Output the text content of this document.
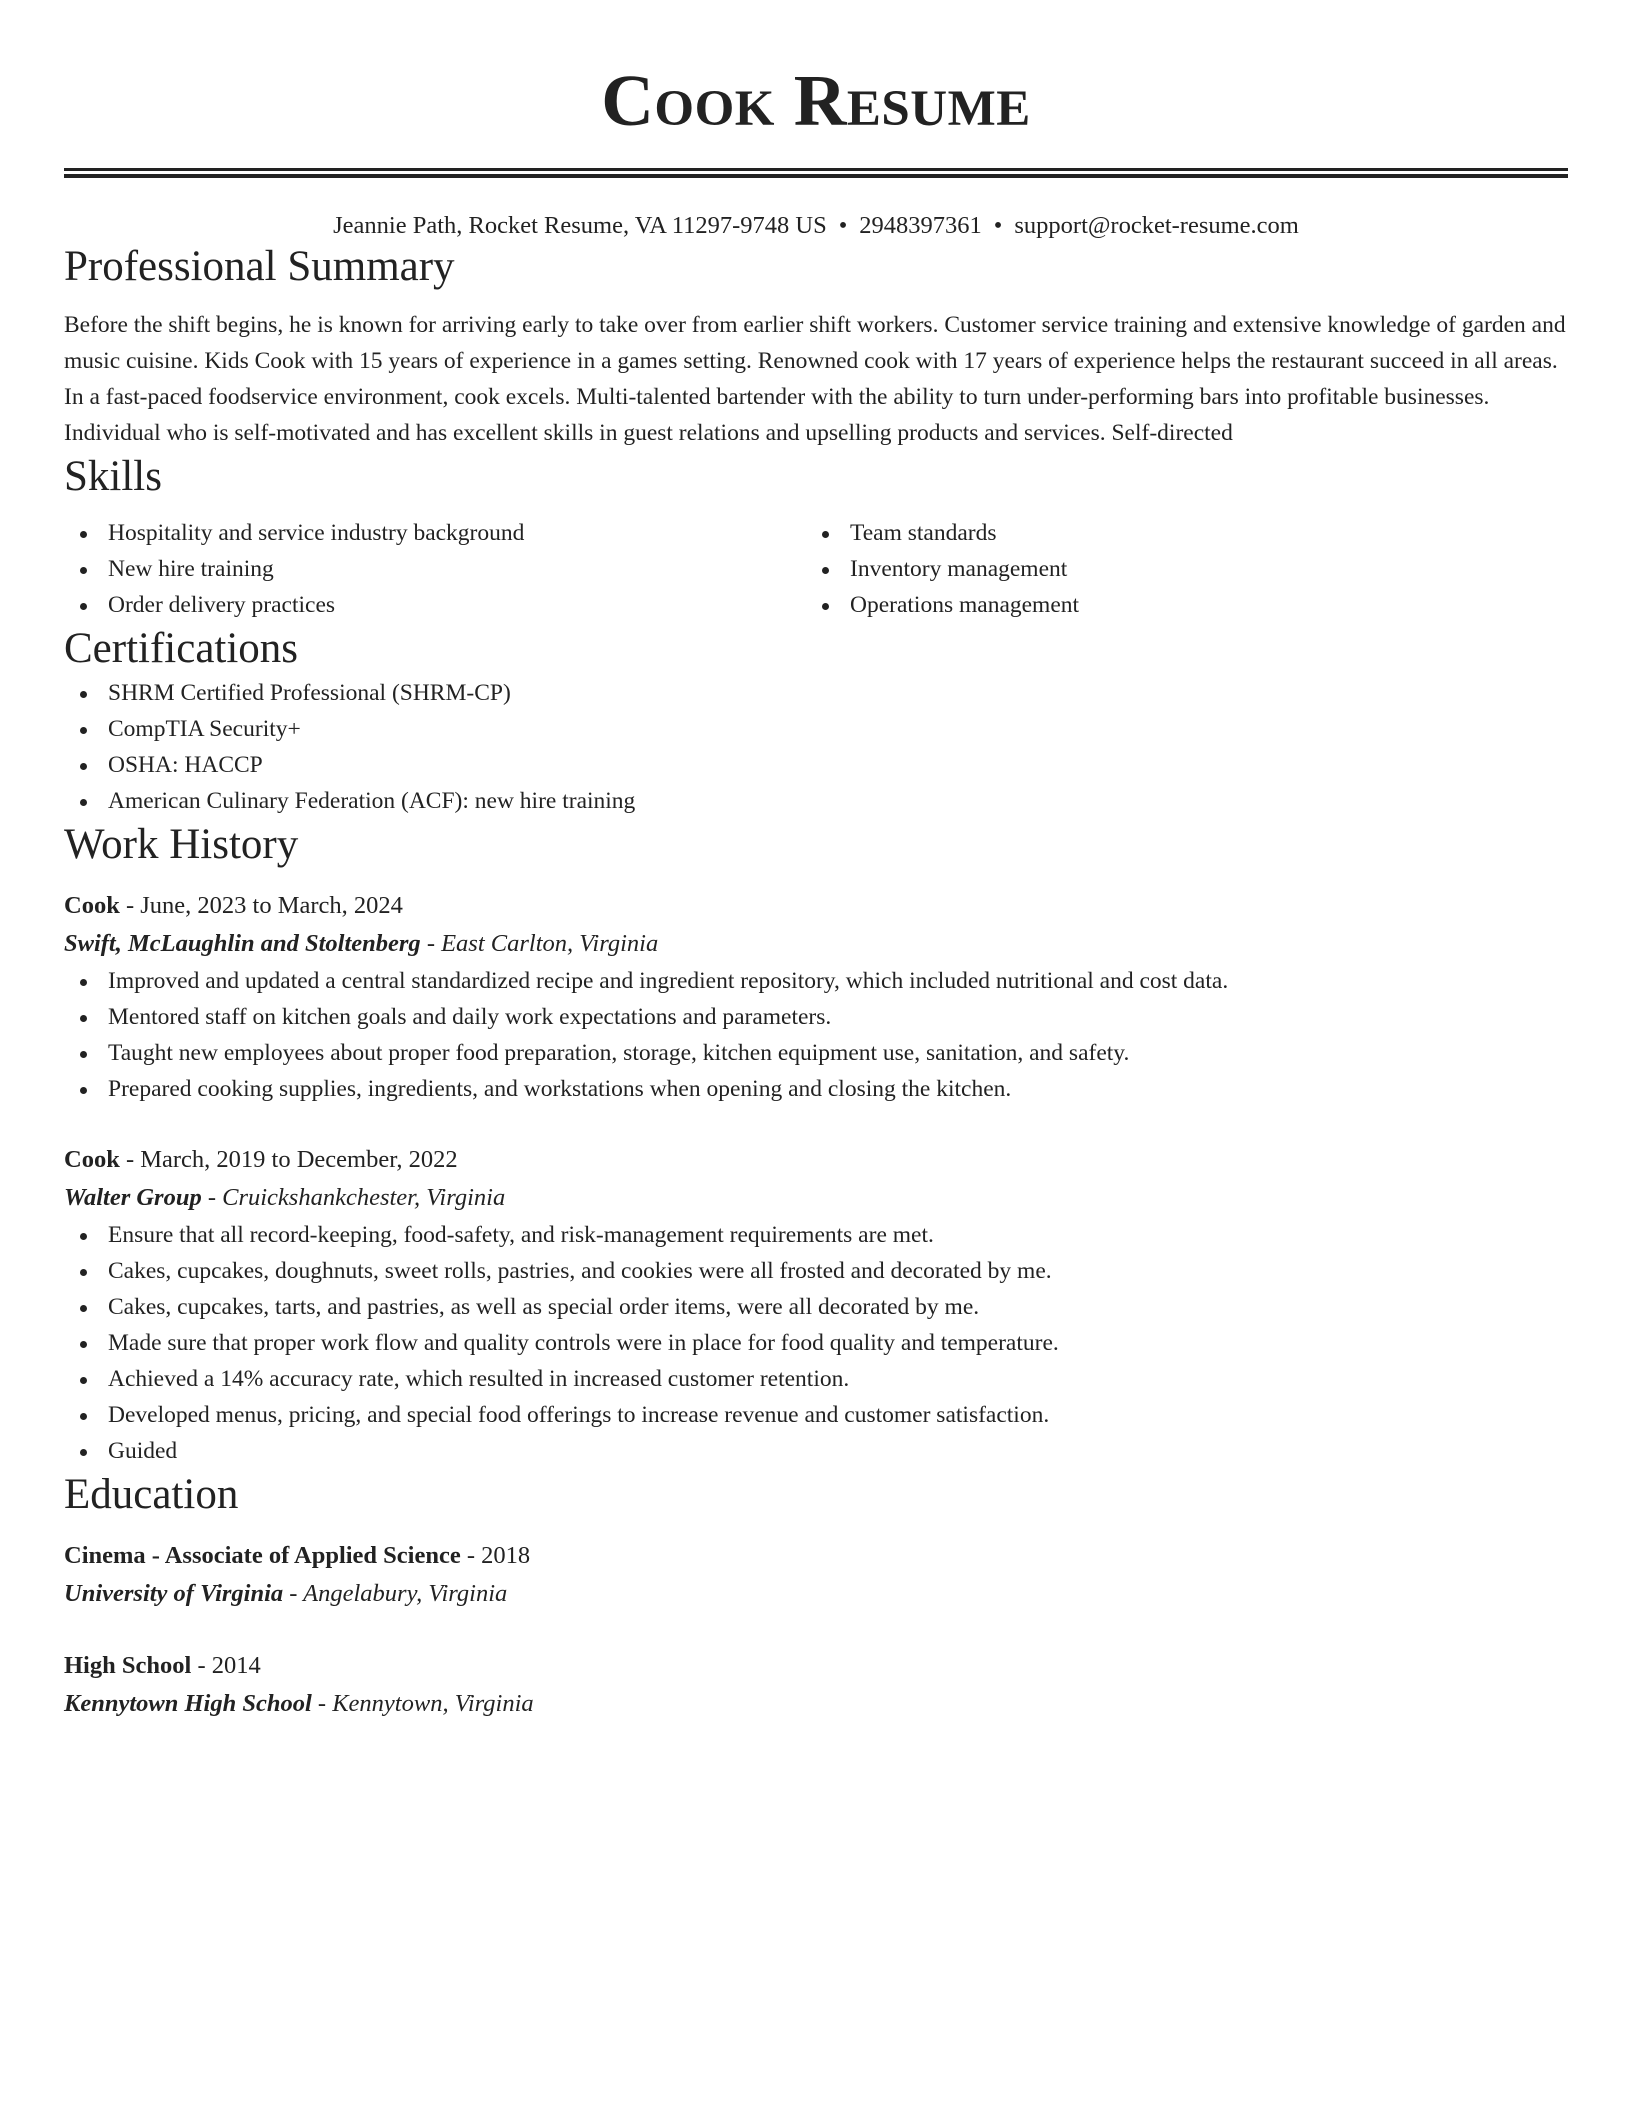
Cook Resume
Jeannie Path, Rocket Resume, VA 11297-9748 US • 2948397361 • support@rocket-resume.com
Professional Summary

Before the shift begins, he is known for arriving early to take over from earlier shift workers. Customer service training and extensive knowledge of garden and music cuisine. Kids Cook with 15 years of experience in a games setting. Renowned cook with 17 years of experience helps the restaurant succeed in all areas. In a fast-paced foodservice environment, cook excels. Multi-talented bartender with the ability to turn under-performing bars into profitable businesses. Individual who is self-motivated and has excellent skills in guest relations and upselling products and services. Self-directed

Skills
Hospitality and service industry background
New hire training
Order delivery practices
Team standards
Inventory management
Operations management
Certifications
SHRM Certified Professional (SHRM-CP)
CompTIA Security+
OSHA: HACCP
American Culinary Federation (ACF): new hire training
Work History
Cook - June, 2023 to March, 2024
Swift, McLaughlin and Stoltenberg - East Carlton, Virginia
Improved and updated a central standardized recipe and ingredient repository, which included nutritional and cost data.
Mentored staff on kitchen goals and daily work expectations and parameters.
Taught new employees about proper food preparation, storage, kitchen equipment use, sanitation, and safety.
Prepared cooking supplies, ingredients, and workstations when opening and closing the kitchen.
Cook - March, 2019 to December, 2022
Walter Group - Cruickshankchester, Virginia
Ensure that all record-keeping, food-safety, and risk-management requirements are met.
Cakes, cupcakes, doughnuts, sweet rolls, pastries, and cookies were all frosted and decorated by me.
Cakes, cupcakes, tarts, and pastries, as well as special order items, were all decorated by me.
Made sure that proper work flow and quality controls were in place for food quality and temperature.
Achieved a 14% accuracy rate, which resulted in increased customer retention.
Developed menus, pricing, and special food offerings to increase revenue and customer satisfaction.
Guided
Education
Cinema - Associate of Applied Science - 2018
University of Virginia - Angelabury, Virginia
High School - 2014
Kennytown High School - Kennytown, Virginia
